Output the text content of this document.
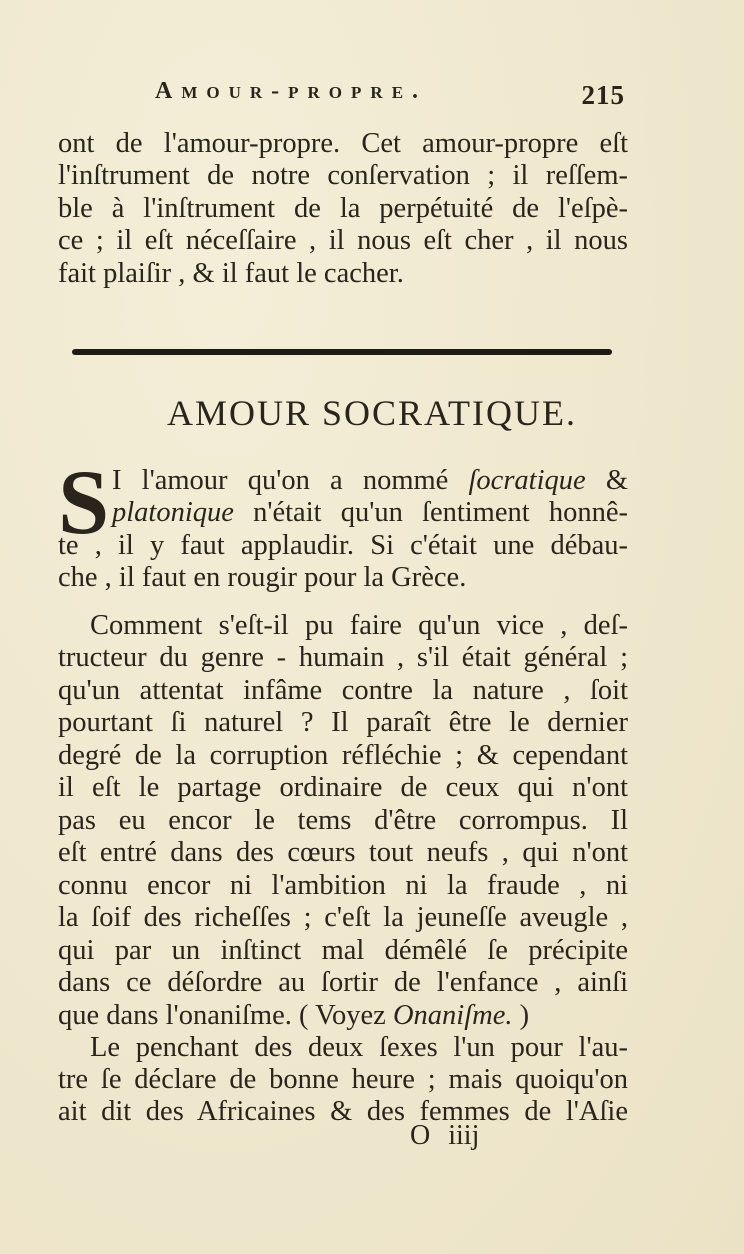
Amour-propre.	215
ont de l'amour-propre. Cet amour-propre eſt
l'inſtrument de notre conſervation ; il reſſem-
ble à l'inſtrument de la perpétuité de l'eſpè-
ce ; il eſt néceſſaire , il nous eſt cher , il nous
fait plaiſir , & il faut le cacher.
AMOUR SOCRATIQUE.
S I l'amour qu'on a nommé ſocratique &
platonique n'était qu'un ſentiment honnê-
te , il y faut applaudir. Si c'était une débau-
che , il faut en rougir pour la Grèce.
Comment s'eſt-il pu faire qu'un vice , deſ-
tructeur du genre - humain , s'il était général ;
qu'un attentat infâme contre la nature , ſoit
pourtant ſi naturel ? Il paraît être le dernier
degré de la corruption réfléchie ; & cependant
il eſt le partage ordinaire de ceux qui n'ont
pas eu encor le tems d'être corrompus. Il
eſt entré dans des cœurs tout neufs , qui n'ont
connu encor ni l'ambition ni la fraude , ni
la ſoif des richeſſes ; c'eſt la jeuneſſe aveugle ,
qui par un inſtinct mal démêlé ſe précipite
dans ce déſordre au ſortir de l'enfance , ainſi
que dans l'onaniſme. ( Voyez Onaniſme. )
Le penchant des deux ſexes l'un pour l'au-
tre ſe déclare de bonne heure ; mais quoiqu'on
ait dit des Africaines & des femmes de l'Aſie
O iiij
